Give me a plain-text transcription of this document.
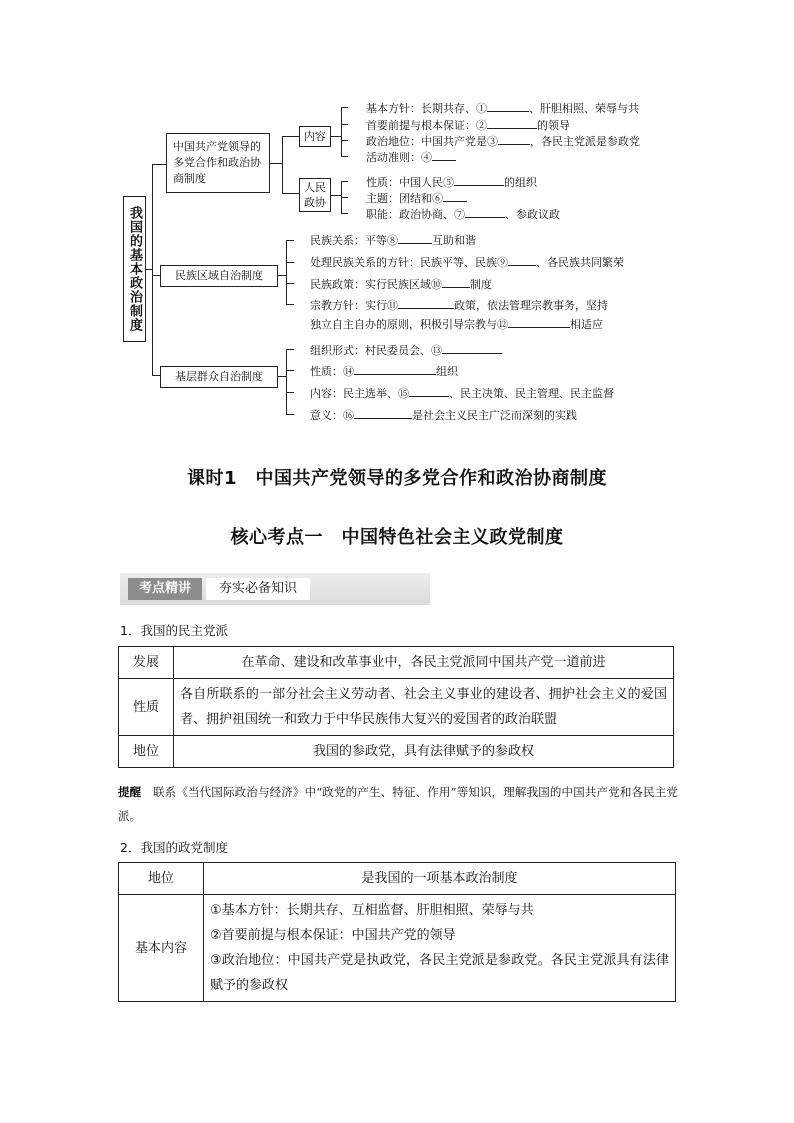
我国的基本政治制度
中国共产党领导的多党合作和政治协商制度
内容
人民政协
基本方针：长期共存、①	、肝胆相照、荣辱与共
首要前提与根本保证：②	的领导
政治地位：中国共产党是③	，各民主党派是参政党
活动准则：④
性质：中国人民⑤	的组织
主题：团结和⑥
职能：政治协商、⑦	、参政议政
民族区域自治制度
民族关系：平等⑧	互助和谐
处理民族关系的方针：民族平等、民族⑨	、各民族共同繁荣
民族政策：实行民族区域⑩	制度
宗教方针：实行⑪	政策，依法管理宗教事务，坚持
独立自主自办的原则，积极引导宗教与⑫	相适应
基层群众自治制度
组织形式：村民委员会、⑬
性质：⑭	组织
内容：民主选举、⑮	、民主决策、民主管理、民主监督
意义：⑯	是社会主义民主广泛而深刻的实践
课时1　中国共产党领导的多党合作和政治协商制度
核心考点一　中国特色社会主义政党制度
考点精讲	夯实必备知识
1．我国的民主党派
发展	在革命、建设和改革事业中，各民主党派同中国共产党一道前进
性质	各自所联系的一部分社会主义劳动者、社会主义事业的建设者、拥护社会主义的爱国者、拥护祖国统一和致力于中华民族伟大复兴的爱国者的政治联盟
地位	我国的参政党，具有法律赋予的参政权
提醒　 联系《当代国际政治与经济》中“政党的产生、特征、作用”等知识，理解我国的中国共产党和各民主党派。
2．我国的政党制度
地位	是我国的一项基本政治制度
基本内容	①基本方针：长期共存、互相监督、肝胆相照、荣辱与共
②首要前提与根本保证：中国共产党的领导
③政治地位：中国共产党是执政党，各民主党派是参政党。各民主党派具有法律赋予的参政权
